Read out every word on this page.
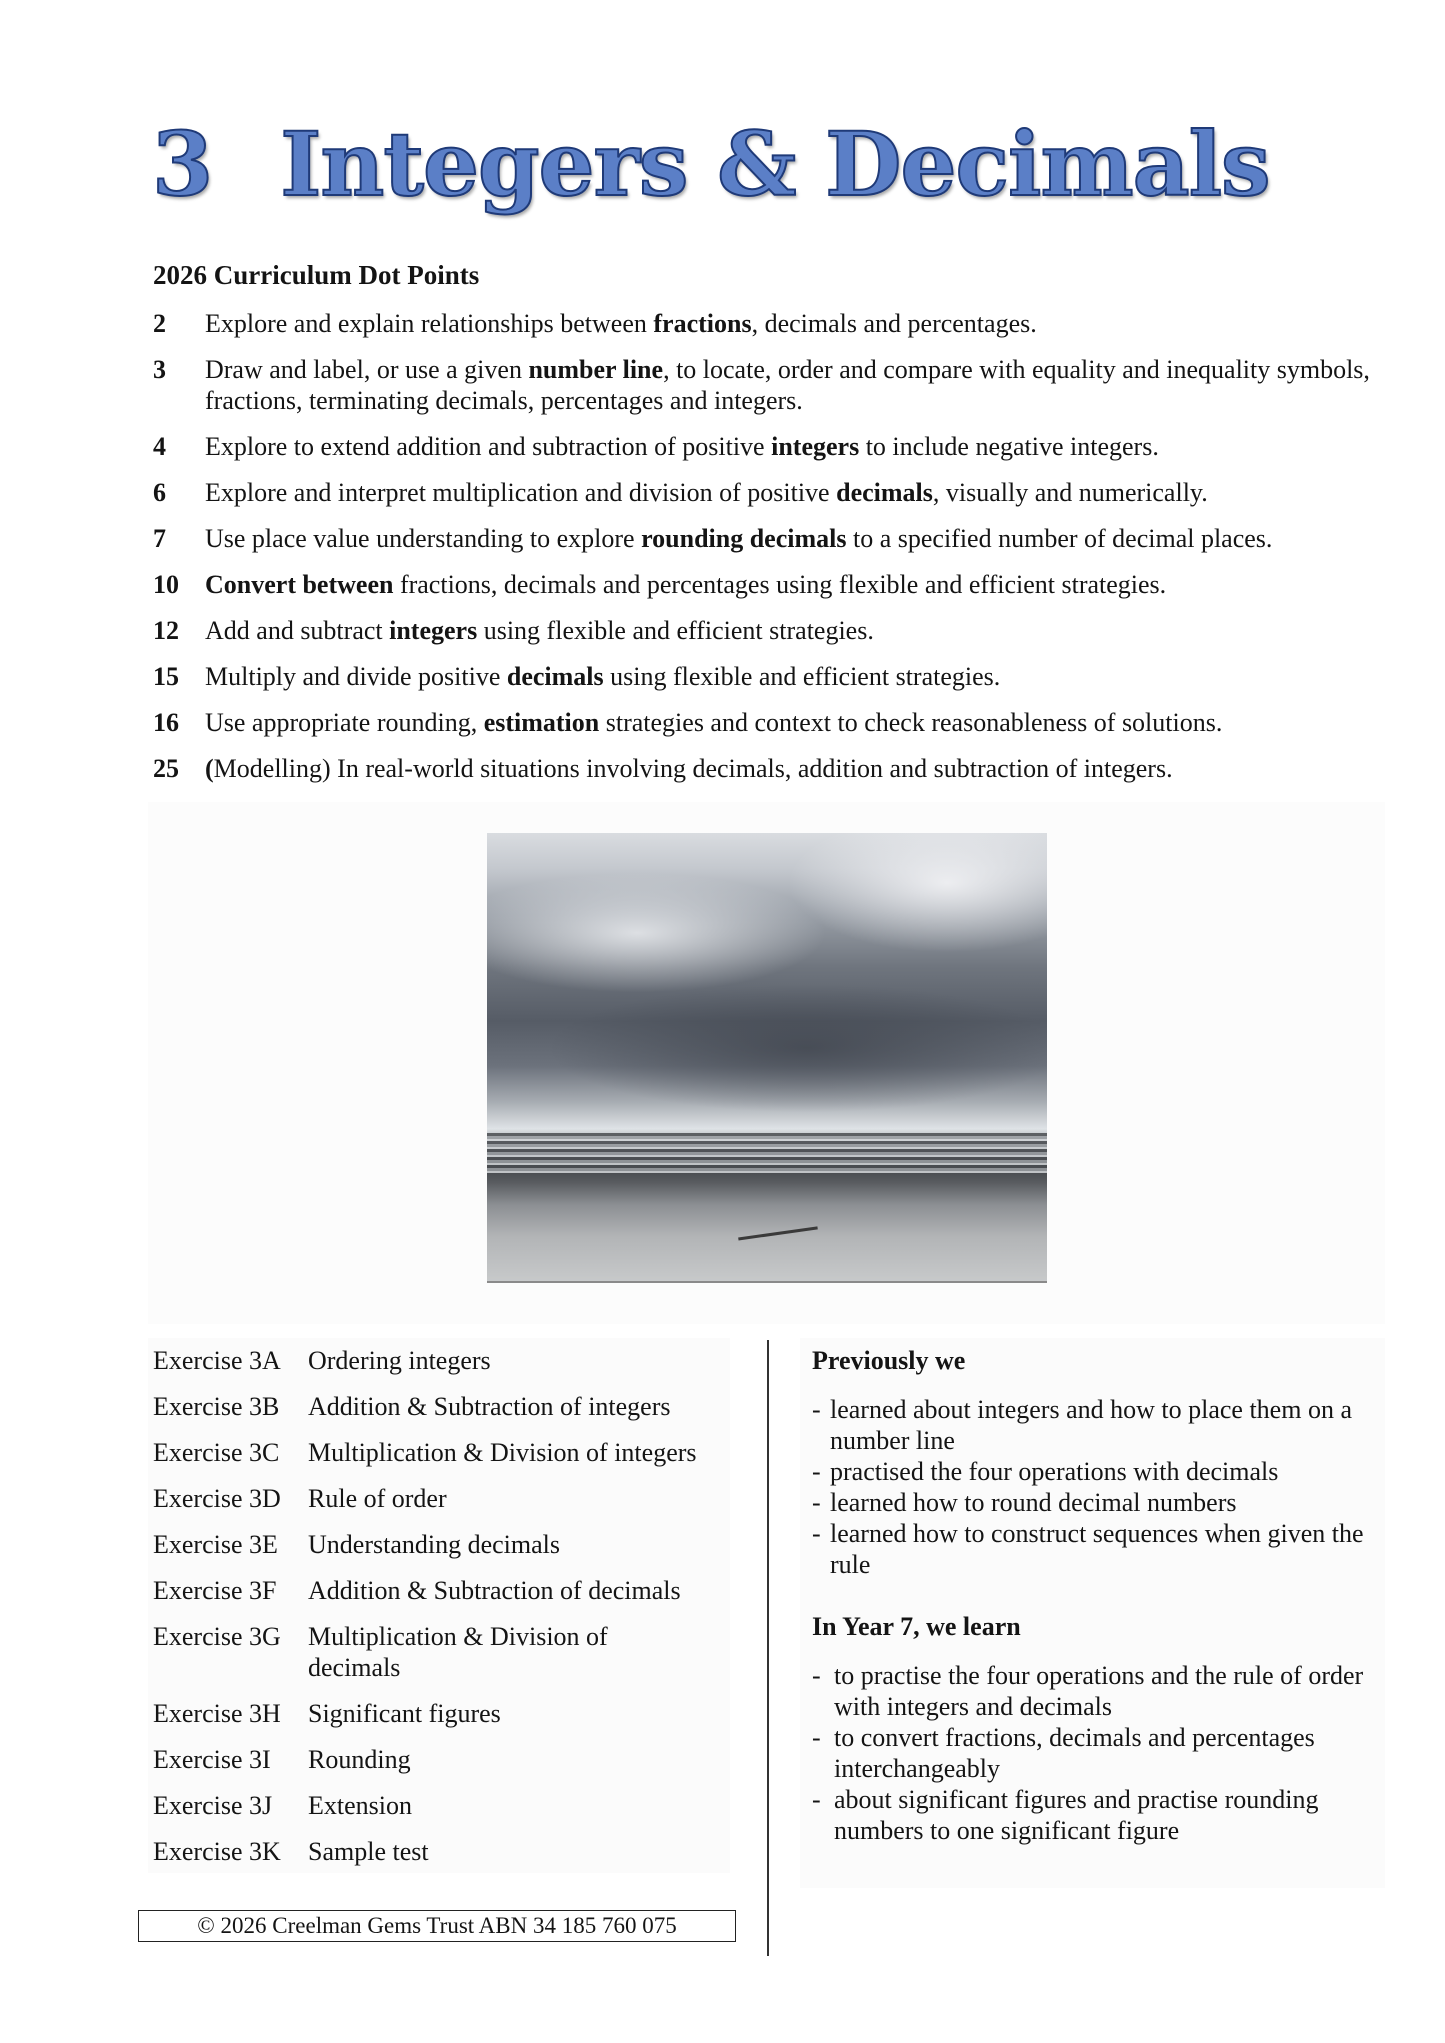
3 Integers & Decimals
2026 Curriculum Dot Points
2 Explore and explain relationships between fractions, decimals and percentages.
3 Draw and label, or use a given number line, to locate, order and compare with equality and inequality symbols, fractions, terminating decimals, percentages and integers.
4 Explore to extend addition and subtraction of positive integers to include negative integers.
6 Explore and interpret multiplication and division of positive decimals, visually and numerically.
7 Use place value understanding to explore rounding decimals to a specified number of decimal places.
10 Convert between fractions, decimals and percentages using flexible and efficient strategies.
12 Add and subtract integers using flexible and efficient strategies.
15 Multiply and divide positive decimals using flexible and efficient strategies.
16 Use appropriate rounding, estimation strategies and context to check reasonableness of solutions.
25 (Modelling) In real-world situations involving decimals, addition and subtraction of integers.
Exercise 3A Ordering integers
Exercise 3B Addition & Subtraction of integers
Exercise 3C Multiplication & Division of integers
Exercise 3D Rule of order
Exercise 3E Understanding decimals
Exercise 3F Addition & Subtraction of decimals
Exercise 3G Multiplication & Division of decimals
Exercise 3H Significant figures
Exercise 3I Rounding
Exercise 3J Extension
Exercise 3K Sample test
Previously we
- learned about integers and how to place them on a number line
- practised the four operations with decimals
- learned how to round decimal numbers
- learned how to construct sequences when given the rule
In Year 7, we learn
- to practise the four operations and the rule of order with integers and decimals
- to convert fractions, decimals and percentages interchangeably
- about significant figures and practise rounding numbers to one significant figure
© 2026 Creelman Gems Trust ABN 34 185 760 075
